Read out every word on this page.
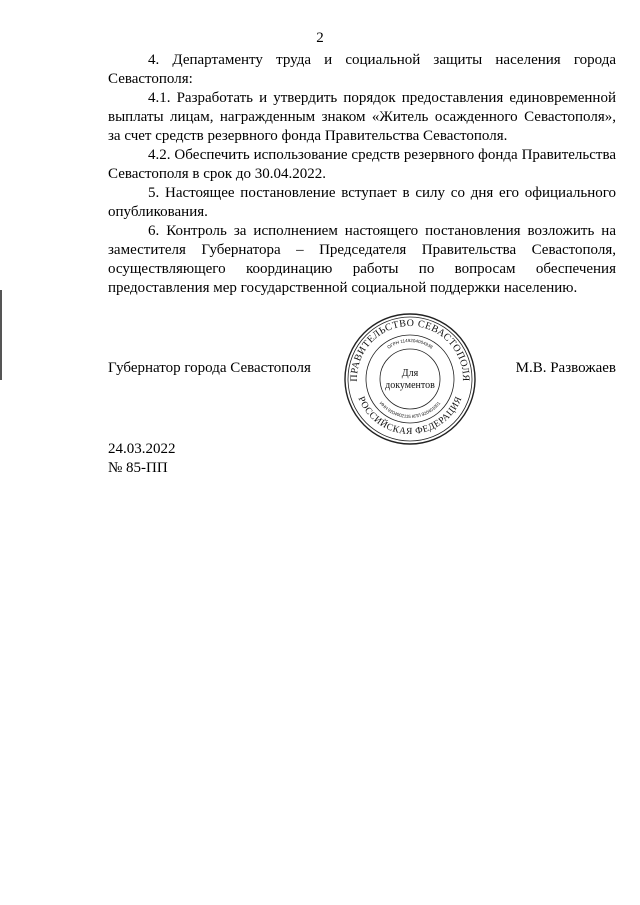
2

4. Департаменту труда и социальной защиты населения города Севастополя:

4.1. Разработать и утвердить порядок предоставления единовременной выплаты лицам, награжденным знаком «Житель осажденного Севастополя», за счет средств резервного фонда Правительства Севастополя.

4.2. Обеспечить использование средств резервного фонда Правительства Севастополя в срок до 30.04.2022.

5. Настоящее постановление вступает в силу со дня его официального опубликования.

6. Контроль за исполнением настоящего постановления возложить на заместителя Губернатора – Председателя Правительства Севастополя, осуществляющего координацию работы по вопросам обеспечения предоставления мер государственной социальной поддержки населению.

Губернатор города Севастополя	М.В. Развожаев
ПРАВИТЕЛЬСТВО СЕВАСТОПОЛЯ
РОССИЙСКАЯ ФЕДЕРАЦИЯ
ОГРН 1149204004938
ИНН 9204002115 КПП 920401001
Для
документов
24.03.2022
№ 85-ПП
